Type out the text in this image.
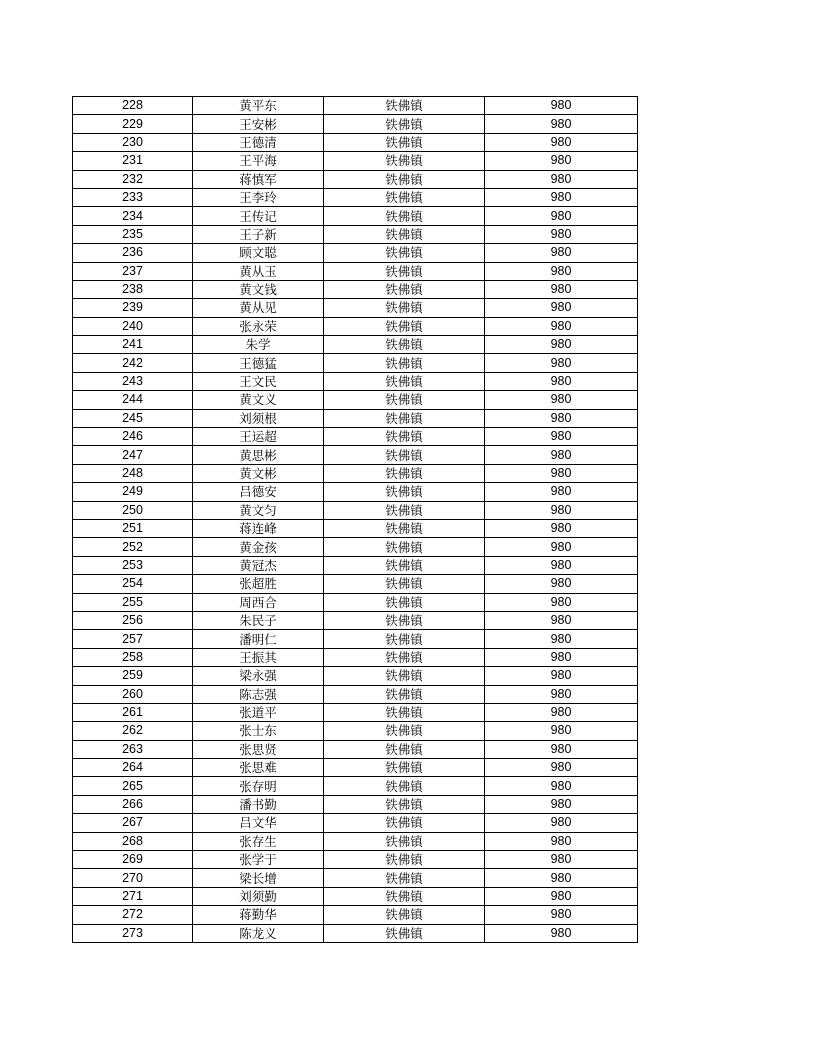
228	黄平东	铁佛镇	980
229	王安彬	铁佛镇	980
230	王德清	铁佛镇	980
231	王平海	铁佛镇	980
232	蒋慎军	铁佛镇	980
233	王李玲	铁佛镇	980
234	王传记	铁佛镇	980
235	王子新	铁佛镇	980
236	顾文聪	铁佛镇	980
237	黄从玉	铁佛镇	980
238	黄文钱	铁佛镇	980
239	黄从见	铁佛镇	980
240	张永荣	铁佛镇	980
241	朱学	铁佛镇	980
242	王德猛	铁佛镇	980
243	王文民	铁佛镇	980
244	黄文义	铁佛镇	980
245	刘须根	铁佛镇	980
246	王运超	铁佛镇	980
247	黄思彬	铁佛镇	980
248	黄文彬	铁佛镇	980
249	吕德安	铁佛镇	980
250	黄文匀	铁佛镇	980
251	蒋连峰	铁佛镇	980
252	黄金孩	铁佛镇	980
253	黄冠杰	铁佛镇	980
254	张超胜	铁佛镇	980
255	周西合	铁佛镇	980
256	朱民子	铁佛镇	980
257	潘明仁	铁佛镇	980
258	王振其	铁佛镇	980
259	梁永强	铁佛镇	980
260	陈志强	铁佛镇	980
261	张道平	铁佛镇	980
262	张士东	铁佛镇	980
263	张思贤	铁佛镇	980
264	张思难	铁佛镇	980
265	张存明	铁佛镇	980
266	潘书勤	铁佛镇	980
267	吕文华	铁佛镇	980
268	张存生	铁佛镇	980
269	张学于	铁佛镇	980
270	梁长增	铁佛镇	980
271	刘须勤	铁佛镇	980
272	蒋勤华	铁佛镇	980
273	陈龙义	铁佛镇	980
